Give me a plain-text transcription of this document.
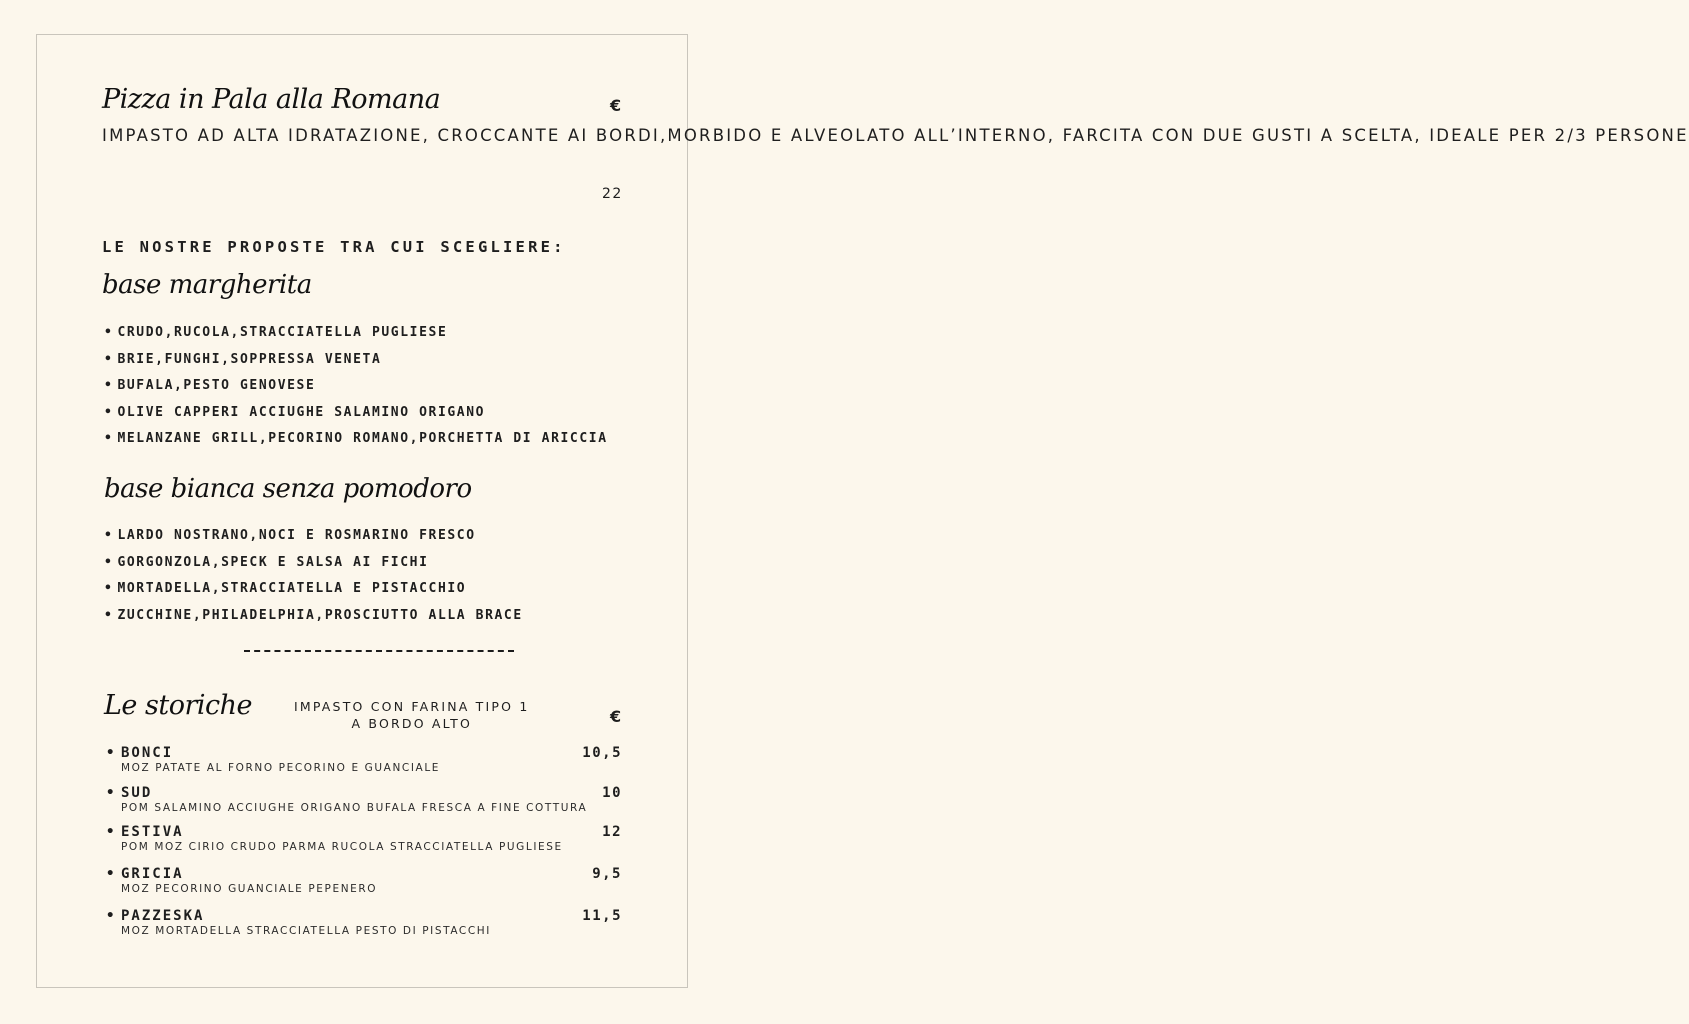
Pizza in Pala alla Romana	€
IMPASTO AD ALTA IDRATAZIONE, CROCCANTE AI BORDI,MORBIDO E ALVEOLATO ALL’INTERNO, FARCITA CON DUE GUSTI A SCELTA, IDEALE PER 2/3 PERSONE
22
LE NOSTRE PROPOSTE TRA CUI SCEGLIERE:
base margherita
• CRUDO,RUCOLA,STRACCIATELLA PUGLIESE
• BRIE,FUNGHI,SOPPRESSA VENETA
• BUFALA,PESTO GENOVESE
• OLIVE CAPPERI ACCIUGHE SALAMINO ORIGANO
• MELANZANE GRILL,PECORINO ROMANO,PORCHETTA DI ARICCIA
base bianca senza pomodoro
• LARDO NOSTRANO,NOCI E ROSMARINO FRESCO
• GORGONZOLA,SPECK E SALSA AI FICHI
• MORTADELLA,STRACCIATELLA E PISTACCHIO
• ZUCCHINE,PHILADELPHIA,PROSCIUTTO ALLA BRACE
Le storiche	IMPASTO CON FARINA TIPO 1
A BORDO ALTO	€
• BONCI	10,5
MOZ PATATE AL FORNO PECORINO E GUANCIALE
• SUD	10
POM SALAMINO ACCIUGHE ORIGANO BUFALA FRESCA A FINE COTTURA
• ESTIVA	12
POM MOZ CIRIO CRUDO PARMA RUCOLA STRACCIATELLA PUGLIESE
• GRICIA	9,5
MOZ PECORINO GUANCIALE PEPENERO
• PAZZESKA	11,5
MOZ MORTADELLA STRACCIATELLA PESTO DI PISTACCHI
